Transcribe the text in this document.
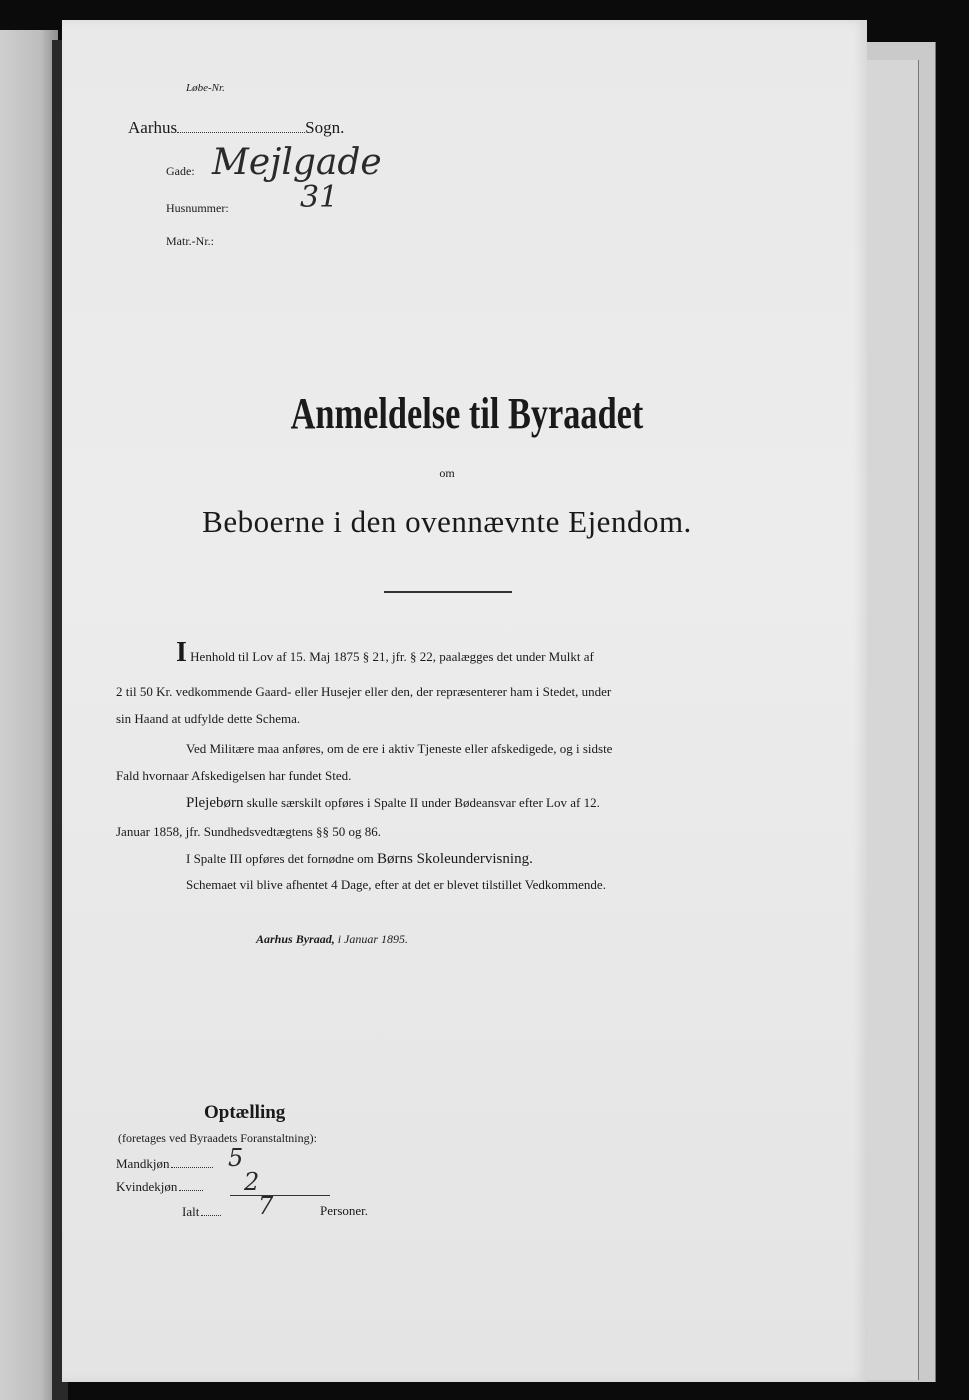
Løbe-Nr.
Aarhus	Sogn.
Gade: Mejlgade
Husnummer: 31
Matr.-Nr.:
Anmeldelse til Byraadet
om
Beboerne i den ovennævnte Ejendom.
I Henhold til Lov af 15. Maj 1875 § 21, jfr. § 22, paalægges det under Mulkt af
2 til 50 Kr. vedkommende Gaard- eller Husejer eller den, der repræsenterer ham i Stedet, under
sin Haand at udfylde dette Schema.
Ved Militære maa anføres, om de ere i aktiv Tjeneste eller afskedigede, og i sidste
Fald hvornaar Afskedigelsen har fundet Sted.
Plejebørn skulle særskilt opføres i Spalte II under Bødeansvar efter Lov af 12.
Januar 1858, jfr. Sundhedsvedtægtens §§ 50 og 86.
I Spalte III opføres det fornødne om Børns Skoleundervisning.
Schemaet vil blive afhentet 4 Dage, efter at det er blevet tilstillet Vedkommende.
Aarhus Byraad, i Januar 1895.
Optælling
(foretages ved Byraadets Foranstaltning):
Mandkjøn	5
Kvindekjøn	2
Ialt	7	Personer.
